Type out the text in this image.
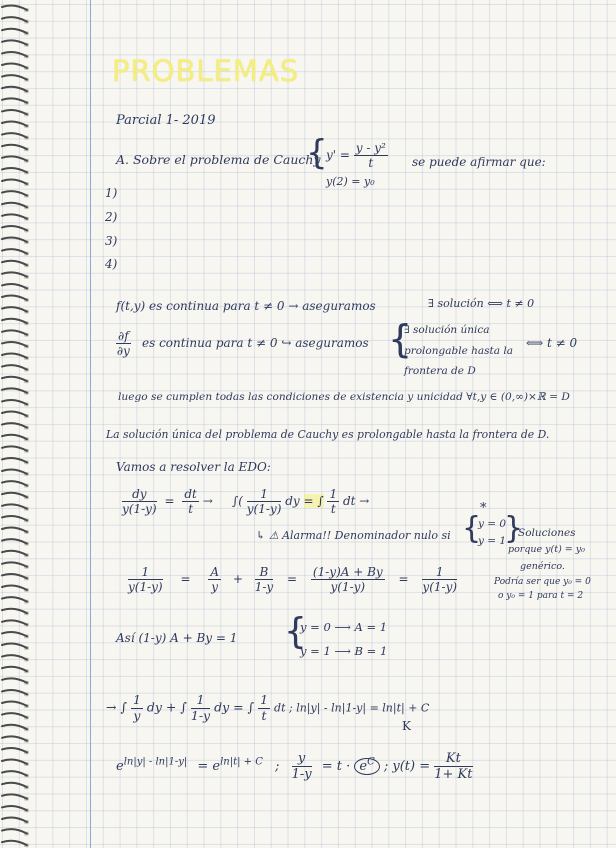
PROBLEMAS
Parcial 1- 2019
A. Sobre el problema de Cauchy
{
$y' = \frac{\text{y - y²}}{t}$
y(2) = y₀
se puede afirmar que:
1)
2)
3)
4)
f(t,y) es continua para t ≠ 0 → aseguramos	∃ solución ⟺ t ≠ 0
$\frac{\partial f}{\partial y}$ es continua para t ≠ 0 ↪ aseguramos {
∃ solución única
prolongable hasta la
frontera de D
⟺ t ≠ 0
luego se cumplen todas las condiciones de existencia y unicidad ∀t,y ∈ (0,∞)×ℝ = D
La solución única del problema de Cauchy es prolongable hasta la frontera de D.
Vamos a resolver la EDO:
$\frac{dy}{y(1-y)} = \frac{dt}{t}$ → ∫( $\frac{1}{y(1-y)}$ dy = ∫ $\frac{1}{t}$ dt →
↳ ⚠ Alarma!! Denominador nulo si
*
{
y = 0
y = 1
}
Soluciones
porque y(t) = y₀
genérico.
Podría ser que y₀ = 0
o y₀ = 1 para t = 2
$\frac{1}{y(1-y)} = \frac{A}{y} + \frac{B}{1-y} = \frac{(1-y)A + By}{y(1-y)} = \frac{1}{y(1-y)}$
Así (1-y) A + By = 1 {
y = 0 ⟶ A = 1
y = 1 ⟶ B = 1
→ ∫ $\frac{1}{y}$ dy + ∫ $\frac{1}{1-y}$ dy = ∫ $\frac{1}{t}$ dt ; ln|y| - ln|1-y| = ln|t| + C
$e^{ln|y| - ln|1-y|} = e^{ln|t| + C}$ ; $\frac{y}{1-y} = t \cdot e^C$ ; $y(t) = \frac{Kt}{1+ Kt}$
K
